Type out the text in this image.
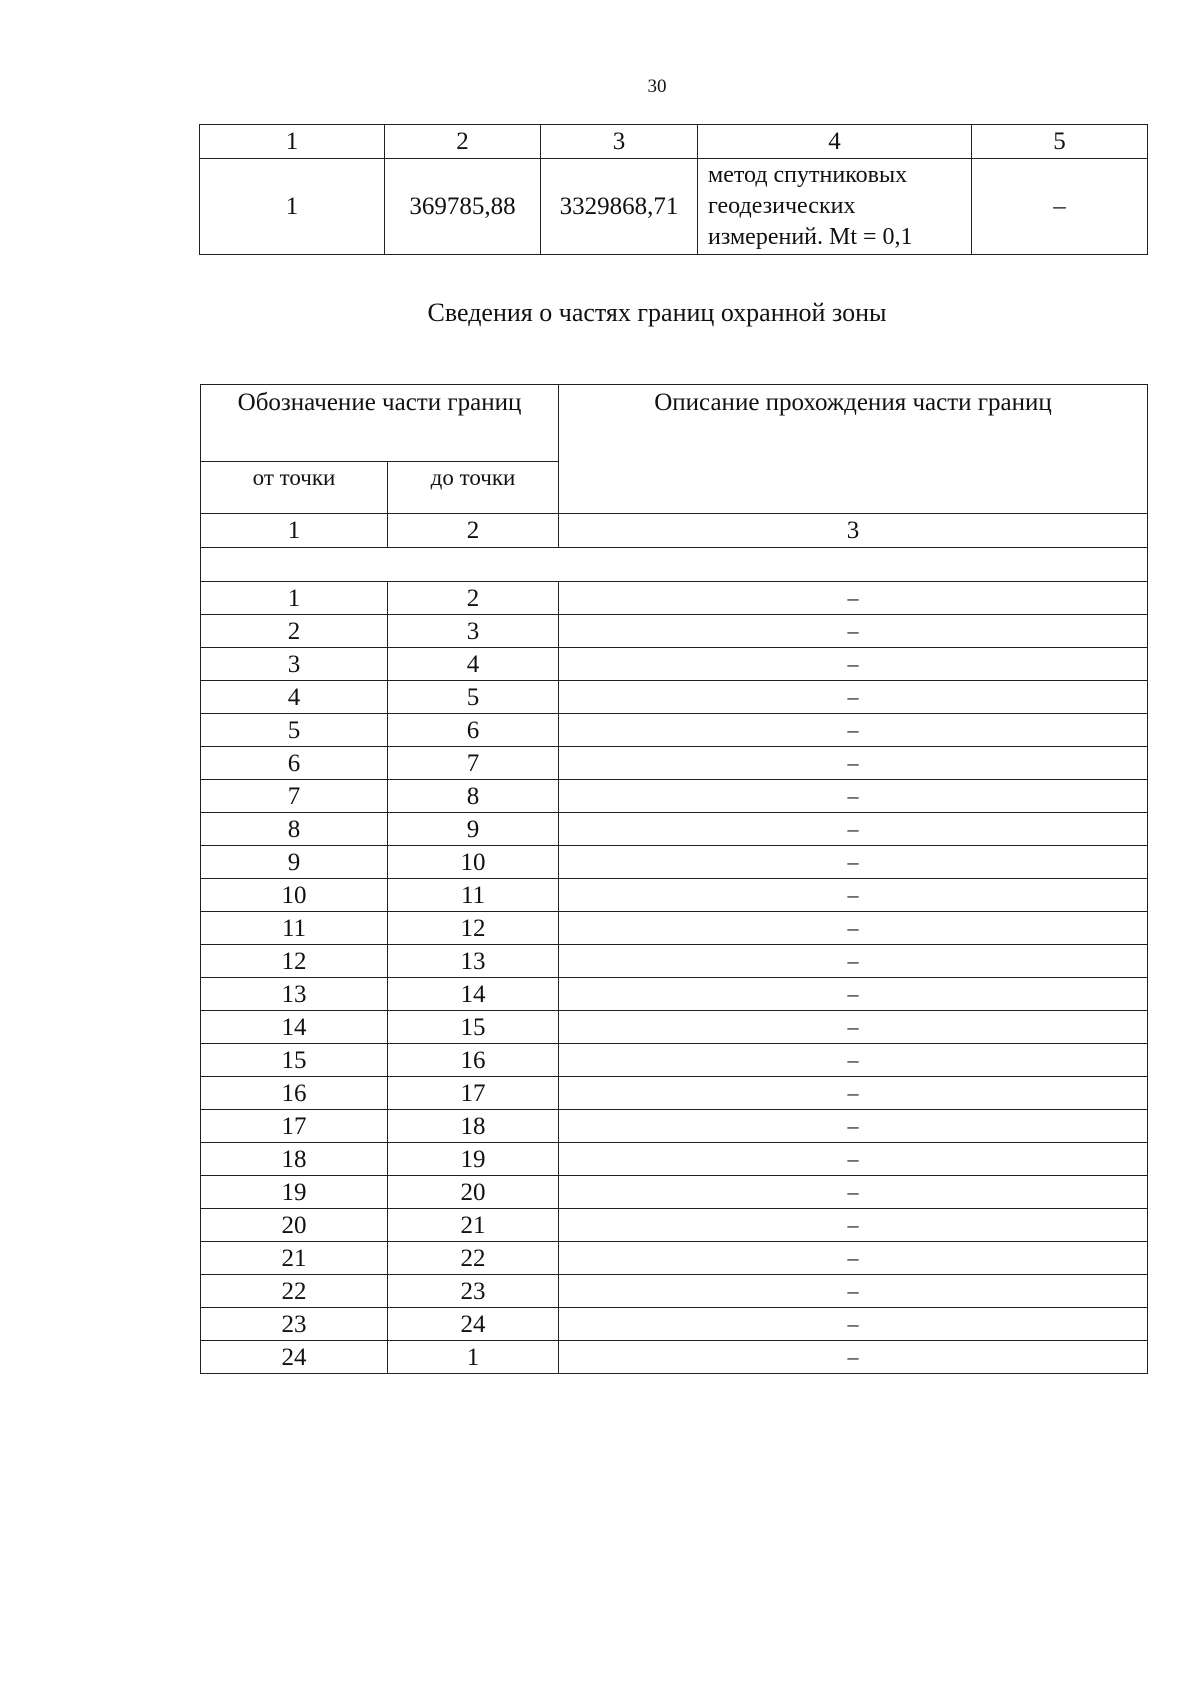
30
1	2	3	4	5
1	369785,88	3329868,71	метод спутниковых
геодезических
измерений. Mt = 0,1	–
Сведения о частях границ охранной зоны
Обозначение части границ		Описание прохождения части границ
от точки	до точки	
1	2	3

1	2	–
2	3	–
3	4	–
4	5	–
5	6	–
6	7	–
7	8	–
8	9	–
9	10	–
10	11	–
11	12	–
12	13	–
13	14	–
14	15	–
15	16	–
16	17	–
17	18	–
18	19	–
19	20	–
20	21	–
21	22	–
22	23	–
23	24	–
24	1	–
